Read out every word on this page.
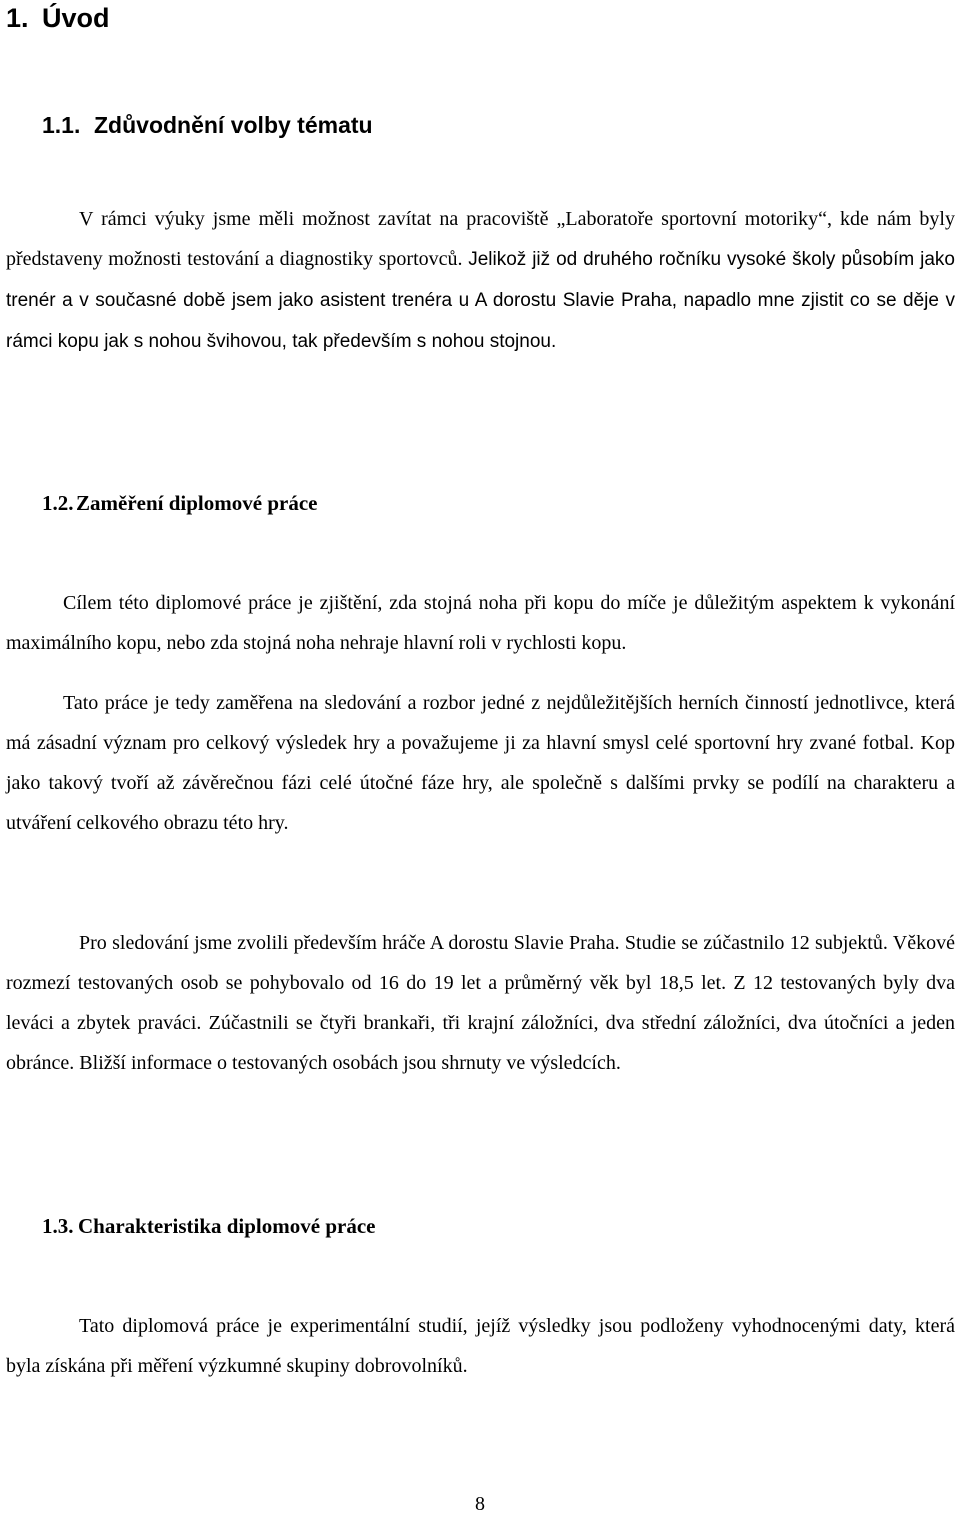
1. Úvod
1.1. Zdůvodnění volby tématu

V rámci výuky jsme měli možnost zavítat na pracoviště „Laboratoře sportovní motoriky“, kde nám byly představeny možnosti testování a diagnostiky sportovců. Jelikož již od druhého ročníku vysoké školy působím jako trenér a v současné době jsem jako asistent trenéra u A dorostu Slavie Praha, napadlo mne zjistit co se děje v rámci kopu jak s nohou švihovou, tak především s nohou stojnou.

1.2. Zaměření diplomové práce

Cílem této diplomové práce je zjištění, zda stojná noha při kopu do míče je důležitým aspektem k vykonání maximálního kopu, nebo zda stojná noha nehraje hlavní roli v rychlosti kopu.

Tato práce je tedy zaměřena na sledování a rozbor jedné z nejdůležitějších herních činností jednotlivce, která má zásadní význam pro celkový výsledek hry a považujeme ji za hlavní smysl celé sportovní hry zvané fotbal. Kop jako takový tvoří až závěrečnou fázi celé útočné fáze hry, ale společně s dalšími prvky se podílí na charakteru a utváření celkového obrazu této hry.

Pro sledování jsme zvolili především hráče A dorostu Slavie Praha. Studie se zúčastnilo 12 subjektů. Věkové rozmezí testovaných osob se pohybovalo od 16 do 19 let a průměrný věk byl 18,5 let. Z 12 testovaných byly dva leváci a zbytek praváci. Zúčastnili se čtyři brankaři, tři krajní záložníci, dva střední záložníci, dva útočníci a jeden obránce. Bližší informace o testovaných osobách jsou shrnuty ve výsledcích.

1.3. Charakteristika diplomové práce

Tato diplomová práce je experimentální studií, jejíž výsledky jsou podloženy vyhodnocenými daty, která byla získána při měření výzkumné skupiny dobrovolníků.

8
